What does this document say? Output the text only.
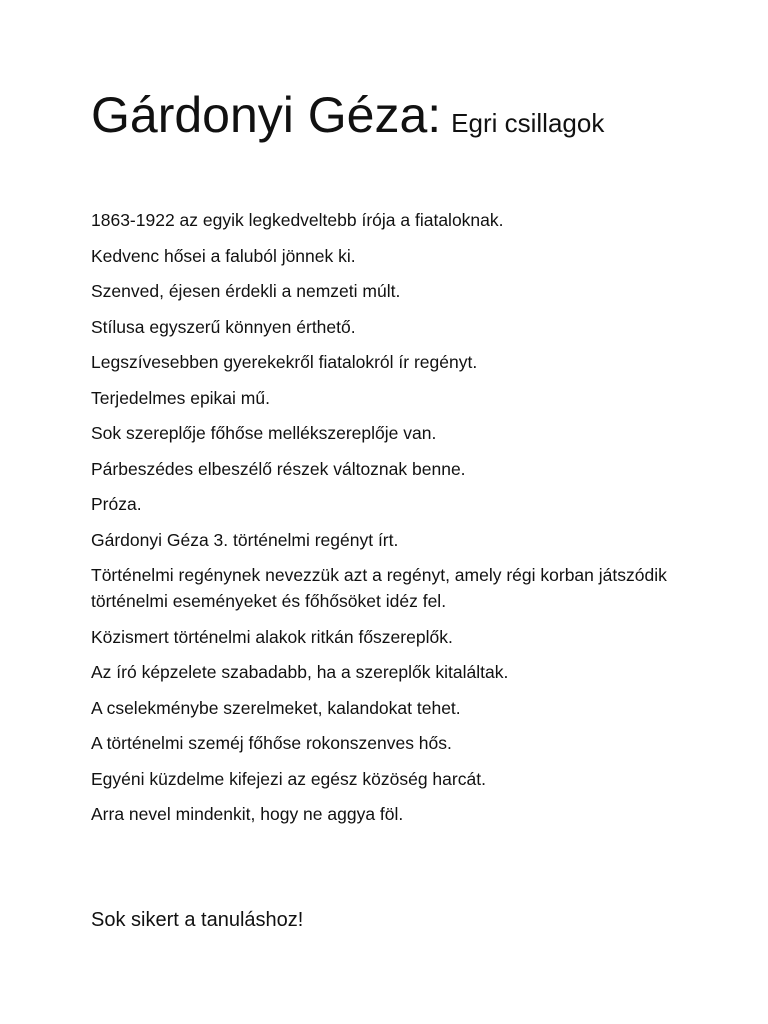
Gárdonyi Géza: Egri csillagok
1863-1922 az egyik legkedveltebb írója a fiataloknak.
Kedvenc hősei a faluból jönnek ki.
Szenved, éjesen érdekli a nemzeti múlt.
Stílusa egyszerű könnyen érthető.
Legszívesebben gyerekekről fiatalokról ír regényt.
Terjedelmes epikai mű.
Sok szereplője főhőse mellékszereplője van.
Párbeszédes elbeszélő részek változnak benne.
Próza.
Gárdonyi Géza 3. történelmi regényt írt.
Történelmi regénynek nevezzük azt a regényt, amely régi korban játszódik történelmi eseményeket és főhősöket idéz fel.
Közismert történelmi alakok ritkán főszereplők.
Az író képzelete szabadabb, ha a szereplők kitaláltak.
A cselekménybe szerelmeket, kalandokat tehet.
A történelmi szeméj főhőse rokonszenves hős.
Egyéni küzdelme kifejezi az egész közöség harcát.
Arra nevel mindenkit, hogy ne aggya föl.

Sok sikert a tanuláshoz!
